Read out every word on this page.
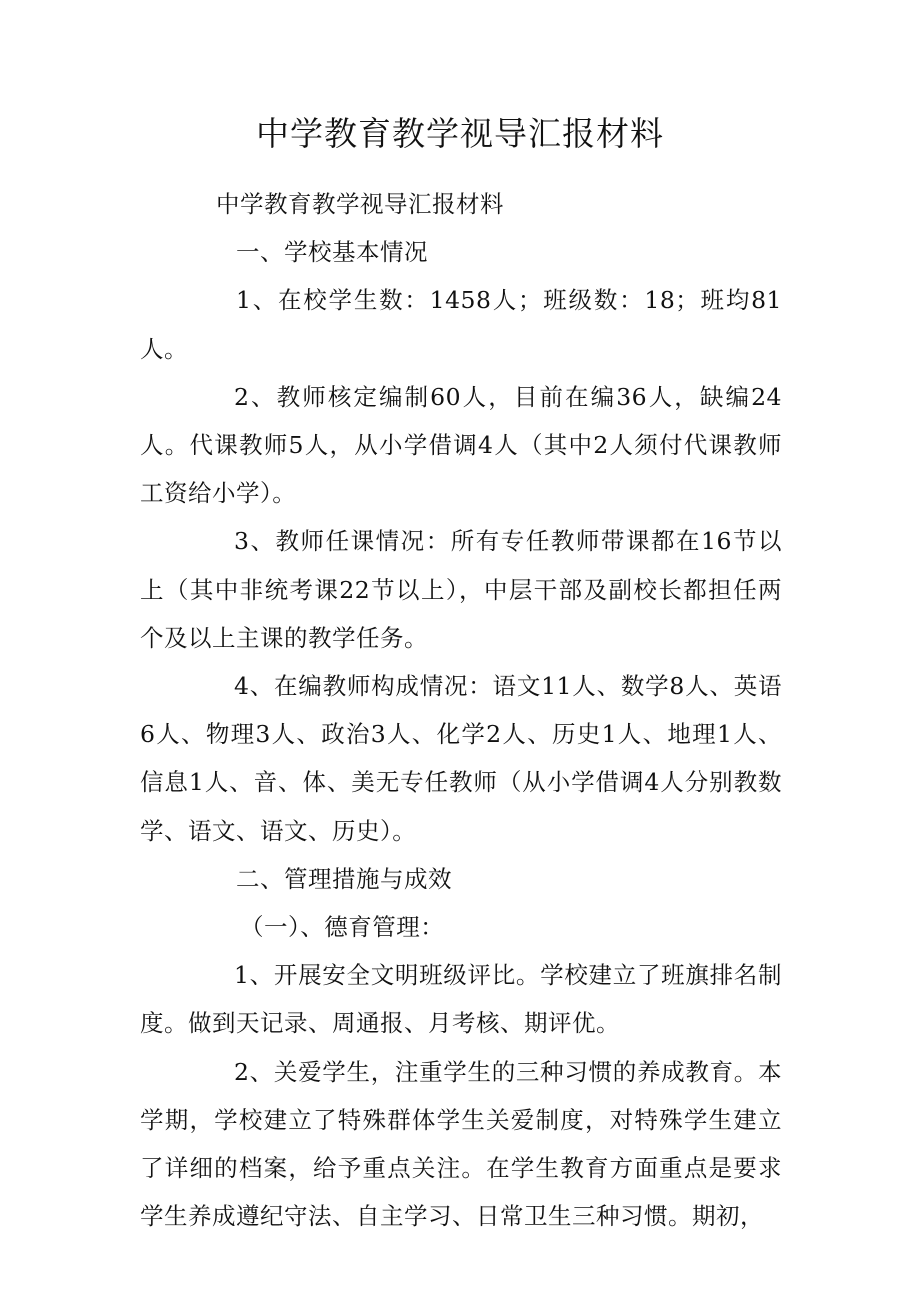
中学教育教学视导汇报材料

中学教育教学视导汇报材料

一、学校基本情况

1、在校学生数：1458人；班级数：18；班均81人。

2、教师核定编制60人，目前在编36人，缺编24人。代课教师5人，从小学借调4人（其中2人须付代课教师工资给小学）。

3、教师任课情况：所有专任教师带课都在16节以上（其中非统考课22节以上），中层干部及副校长都担任两个及以上主课的教学任务。

4、在编教师构成情况：语文11人、数学8人、英语6人、物理3人、政治3人、化学2人、历史1人、地理1人、信息1人、音、体、美无专任教师（从小学借调4人分别教数学、语文、语文、历史）。

二、管理措施与成效

（一）、德育管理：

1、开展安全文明班级评比。学校建立了班旗排名制度。做到天记录、周通报、月考核、期评优。

2、关爱学生，注重学生的三种习惯的养成教育。本学期，学校建立了特殊群体学生关爱制度，对特殊学生建立了详细的档案，给予重点关注。在学生教育方面重点是要求学生养成遵纪守法、自主学习、日常卫生三种习惯。期初，
